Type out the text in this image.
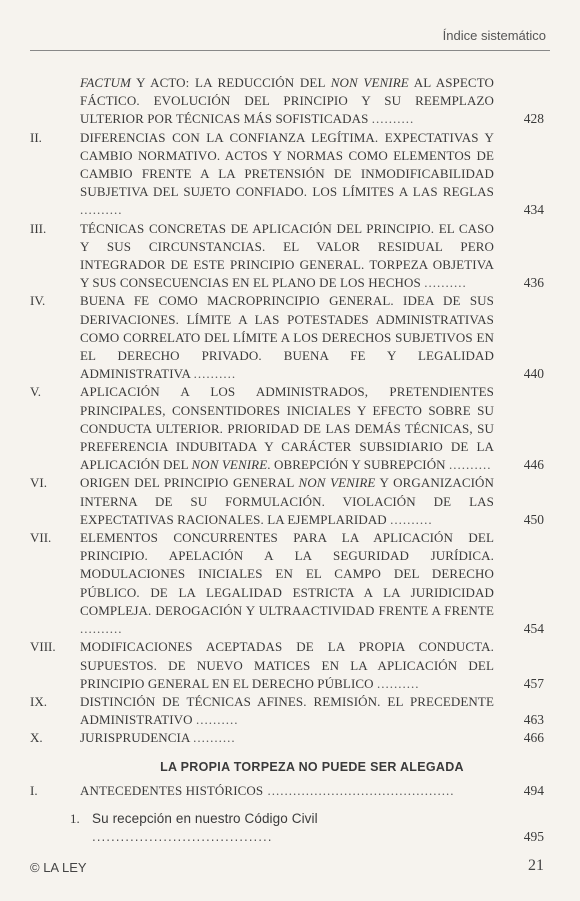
Índice sistemático
FACTUM Y ACTO: LA REDUCCIÓN DEL NON VENIRE AL ASPECTO FÁCTICO. EVOLUCIÓN DEL PRINCIPIO Y SU REEMPLAZO ULTERIOR POR TÉCNICAS MÁS SOFISTICADAS ..........	428
II.	DIFERENCIAS CON LA CONFIANZA LEGÍTIMA. EXPECTATIVAS Y CAMBIO NORMATIVO. ACTOS Y NORMAS COMO ELEMENTOS DE CAMBIO FRENTE A LA PRETENSIÓN DE INMODIFICABILIDAD SUBJETIVA DEL SUJETO CONFIADO. LOS LÍMITES A LAS REGLAS ..........	434
III.	TÉCNICAS CONCRETAS DE APLICACIÓN DEL PRINCIPIO. EL CASO Y SUS CIRCUNSTANCIAS. EL VALOR RESIDUAL PERO INTEGRADOR DE ESTE PRINCIPIO GENERAL. TORPEZA OBJETIVA Y SUS CONSECUENCIAS EN EL PLANO DE LOS HECHOS ..........	436
IV.	BUENA FE COMO MACROPRINCIPIO GENERAL. IDEA DE SUS DERIVACIONES. LÍMITE A LAS POTESTADES ADMINISTRATIVAS COMO CORRELATO DEL LÍMITE A LOS DERECHOS SUBJETIVOS EN EL DERECHO PRIVADO. BUENA FE Y LEGALIDAD ADMINISTRATIVA ..........	440
V.	APLICACIÓN A LOS ADMINISTRADOS, PRETENDIENTES PRINCIPALES, CONSENTIDORES INICIALES Y EFECTO SOBRE SU CONDUCTA ULTERIOR. PRIORIDAD DE LAS DEMÁS TÉCNICAS, SU PREFERENCIA INDUBITADA Y CARÁCTER SUBSIDIARIO DE LA APLICACIÓN DEL NON VENIRE. OBREPCIÓN Y SUBREPCIÓN ..........	446
VI.	ORIGEN DEL PRINCIPIO GENERAL NON VENIRE Y ORGANIZACIÓN INTERNA DE SU FORMULACIÓN. VIOLACIÓN DE LAS EXPECTATIVAS RACIONALES. LA EJEMPLARIDAD ..........	450
VII.	ELEMENTOS CONCURRENTES PARA LA APLICACIÓN DEL PRINCIPIO. APELACIÓN A LA SEGURIDAD JURÍDICA. MODULACIONES INICIALES EN EL CAMPO DEL DERECHO PÚBLICO. DE LA LEGALIDAD ESTRICTA A LA JURIDICIDAD COMPLEJA. DEROGACIÓN Y ULTRAACTIVIDAD FRENTE A FRENTE ..........	454
VIII.	MODIFICACIONES ACEPTADAS DE LA PROPIA CONDUCTA. SUPUESTOS. DE NUEVO MATICES EN LA APLICACIÓN DEL PRINCIPIO GENERAL EN EL DERECHO PÚBLICO ..........	457
IX.	DISTINCIÓN DE TÉCNICAS AFINES. REMISIÓN. EL PRECEDENTE ADMINISTRATIVO ..........	463
X.	JURISPRUDENCIA ..........	466
LA PROPIA TORPEZA NO PUEDE SER ALEGADA
I.	ANTECEDENTES HISTÓRICOS ............................................	494
1. Su recepción en nuestro Código Civil ......................................	495
© LA LEY	21
